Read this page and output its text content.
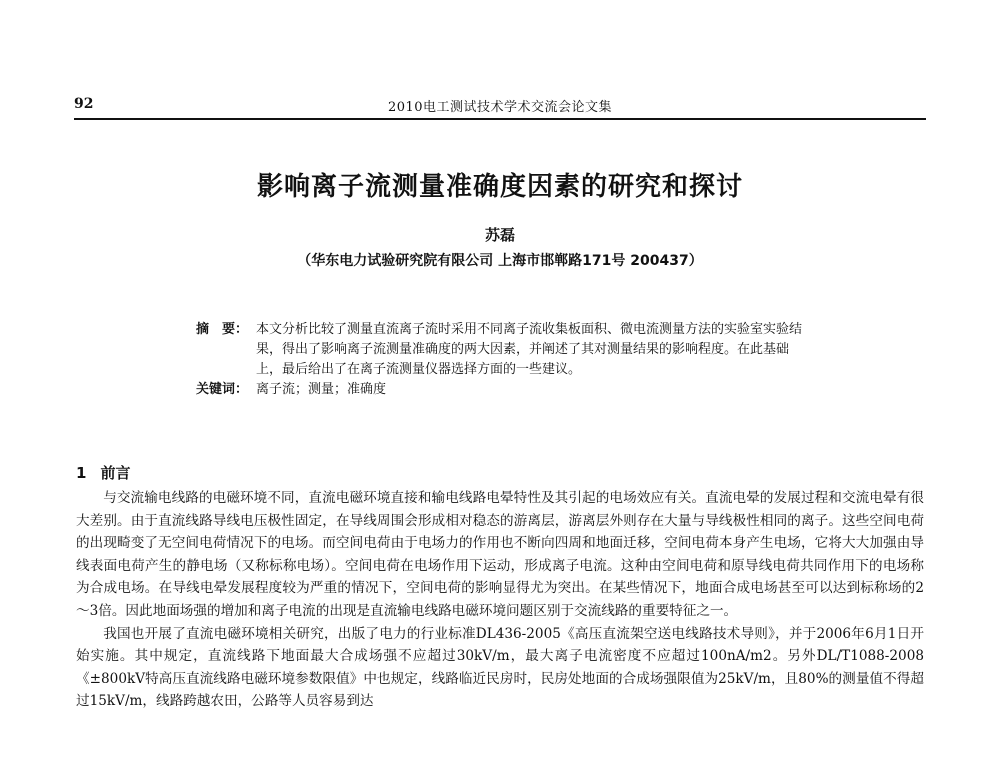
92	2010电工测试技术学术交流会论文集
影响离子流测量准确度因素的研究和探讨
苏磊
（华东电力试验研究院有限公司 上海市邯郸路171号 200437）
摘　要： 本文分析比较了测量直流离子流时采用不同离子流收集板面积、微电流测量方法的实验室实验结果，得出了影响离子流测量准确度的两大因素，并阐述了其对测量结果的影响程度。在此基础上，最后给出了在离子流测量仪器选择方面的一些建议。
关键词： 离子流；测量；准确度
1 前言

与交流输电线路的电磁环境不同，直流电磁环境直接和输电线路电晕特性及其引起的电场效应有关。直流电晕的发展过程和交流电晕有很大差别。由于直流线路导线电压极性固定，在导线周围会形成相对稳态的游离层，游离层外则存在大量与导线极性相同的离子。这些空间电荷的出现畸变了无空间电荷情况下的电场。而空间电荷由于电场力的作用也不断向四周和地面迁移，空间电荷本身产生电场，它将大大加强由导线表面电荷产生的静电场（又称标称电场）。空间电荷在电场作用下运动，形成离子电流。这种由空间电荷和原导线电荷共同作用下的电场称为合成电场。在导线电晕发展程度较为严重的情况下，空间电荷的影响显得尤为突出。在某些情况下，地面合成电场甚至可以达到标称场的2～3倍。因此地面场强的增加和离子电流的出现是直流输电线路电磁环境问题区别于交流线路的重要特征之一。

我国也开展了直流电磁环境相关研究，出版了电力的行业标准DL436-2005《高压直流架空送电线路技术导则》，并于2006年6月1日开始实施。其中规定，直流线路下地面最大合成场强不应超过30kV/m，最大离子电流密度不应超过100nA/m2。另外DL/T1088-2008《±800kV特高压直流线路电磁环境参数限值》中也规定，线路临近民房时，民房处地面的合成场强限值为25kV/m，且80%的测量值不得超过15kV/m，线路跨越农田，公路等人员容易到达
